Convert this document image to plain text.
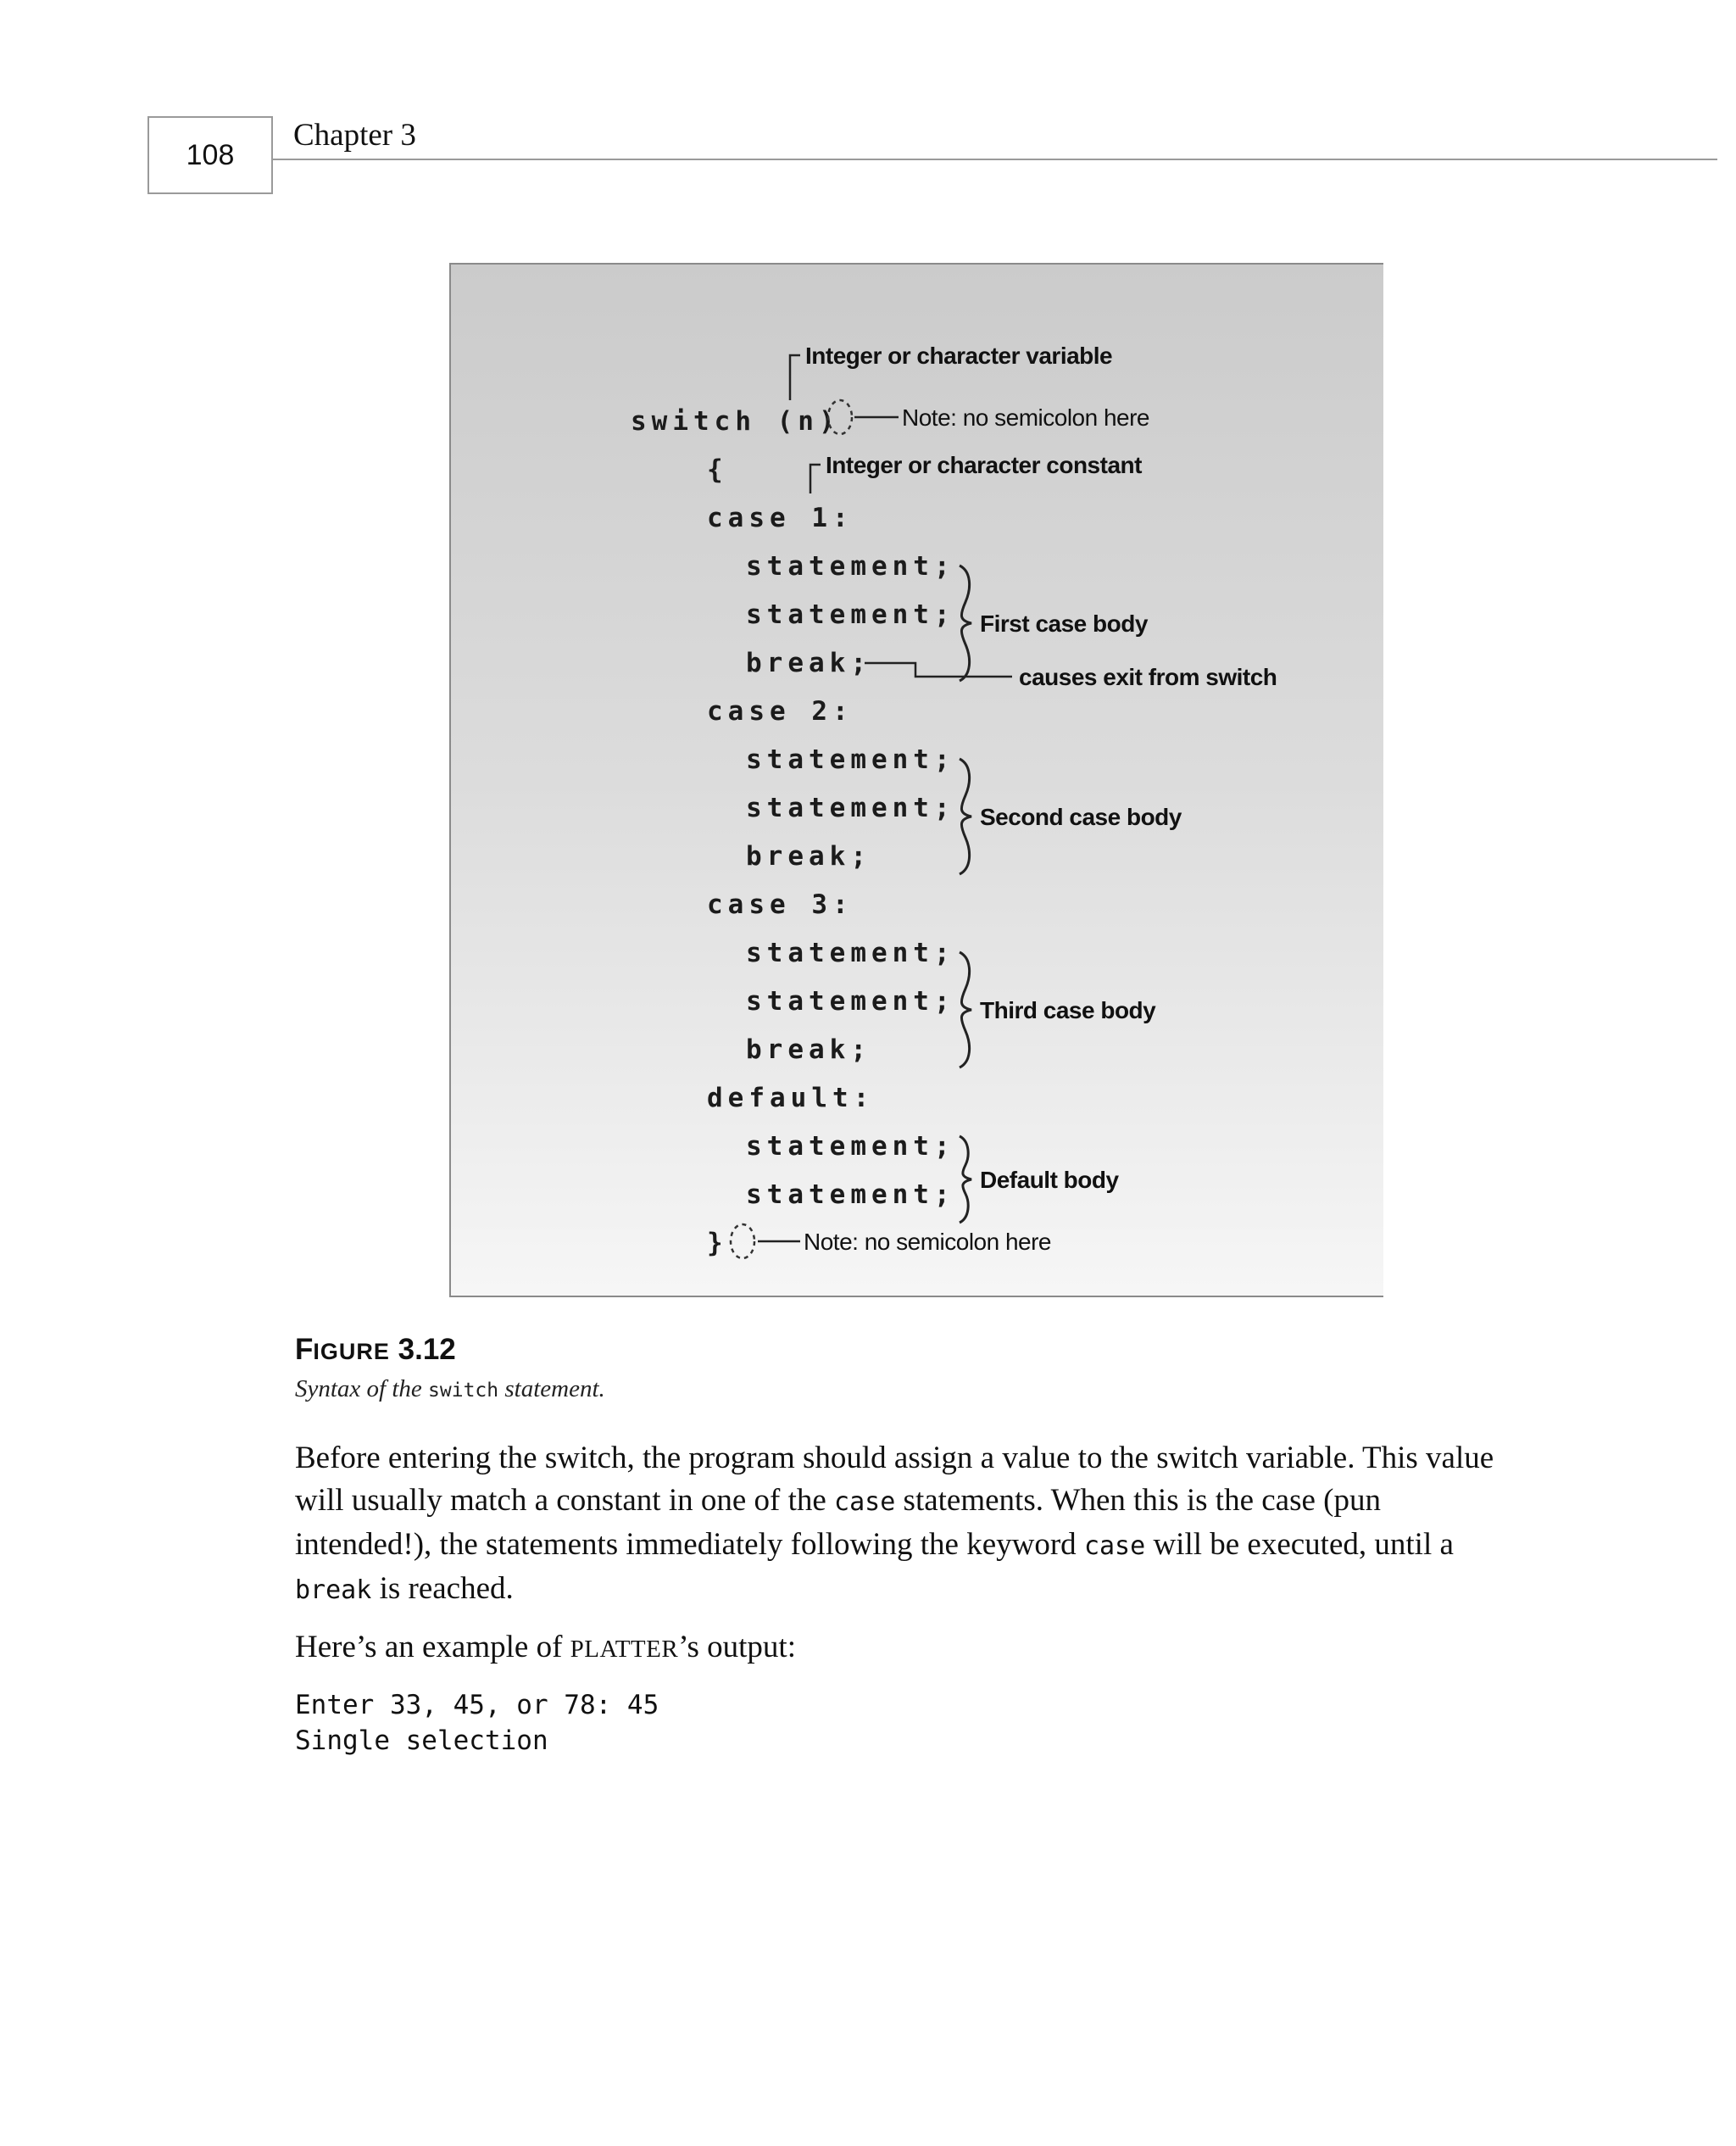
108
Chapter 3
switch (n)
{
case 1:
statement;
statement;
break;
case 2:
statement;
statement;
break;
case 3:
statement;
statement;
break;
default:
statement;
statement;
}
Integer or character variable
Note: no semicolon here
Integer or character constant
First case body
causes exit from switch
Second case body
Third case body
Default body
Note: no semicolon here
FIGURE 3.12
Syntax of the switch statement.

Before entering the switch, the program should assign a value to the switch variable. This value will usually match a constant in one of the case statements. When this is the case (pun intended!), the statements immediately following the keyword case will be executed, until a break is reached.

Here’s an example of PLATTER’s output:

Enter 33, 45, or 78: 45
Single selection
